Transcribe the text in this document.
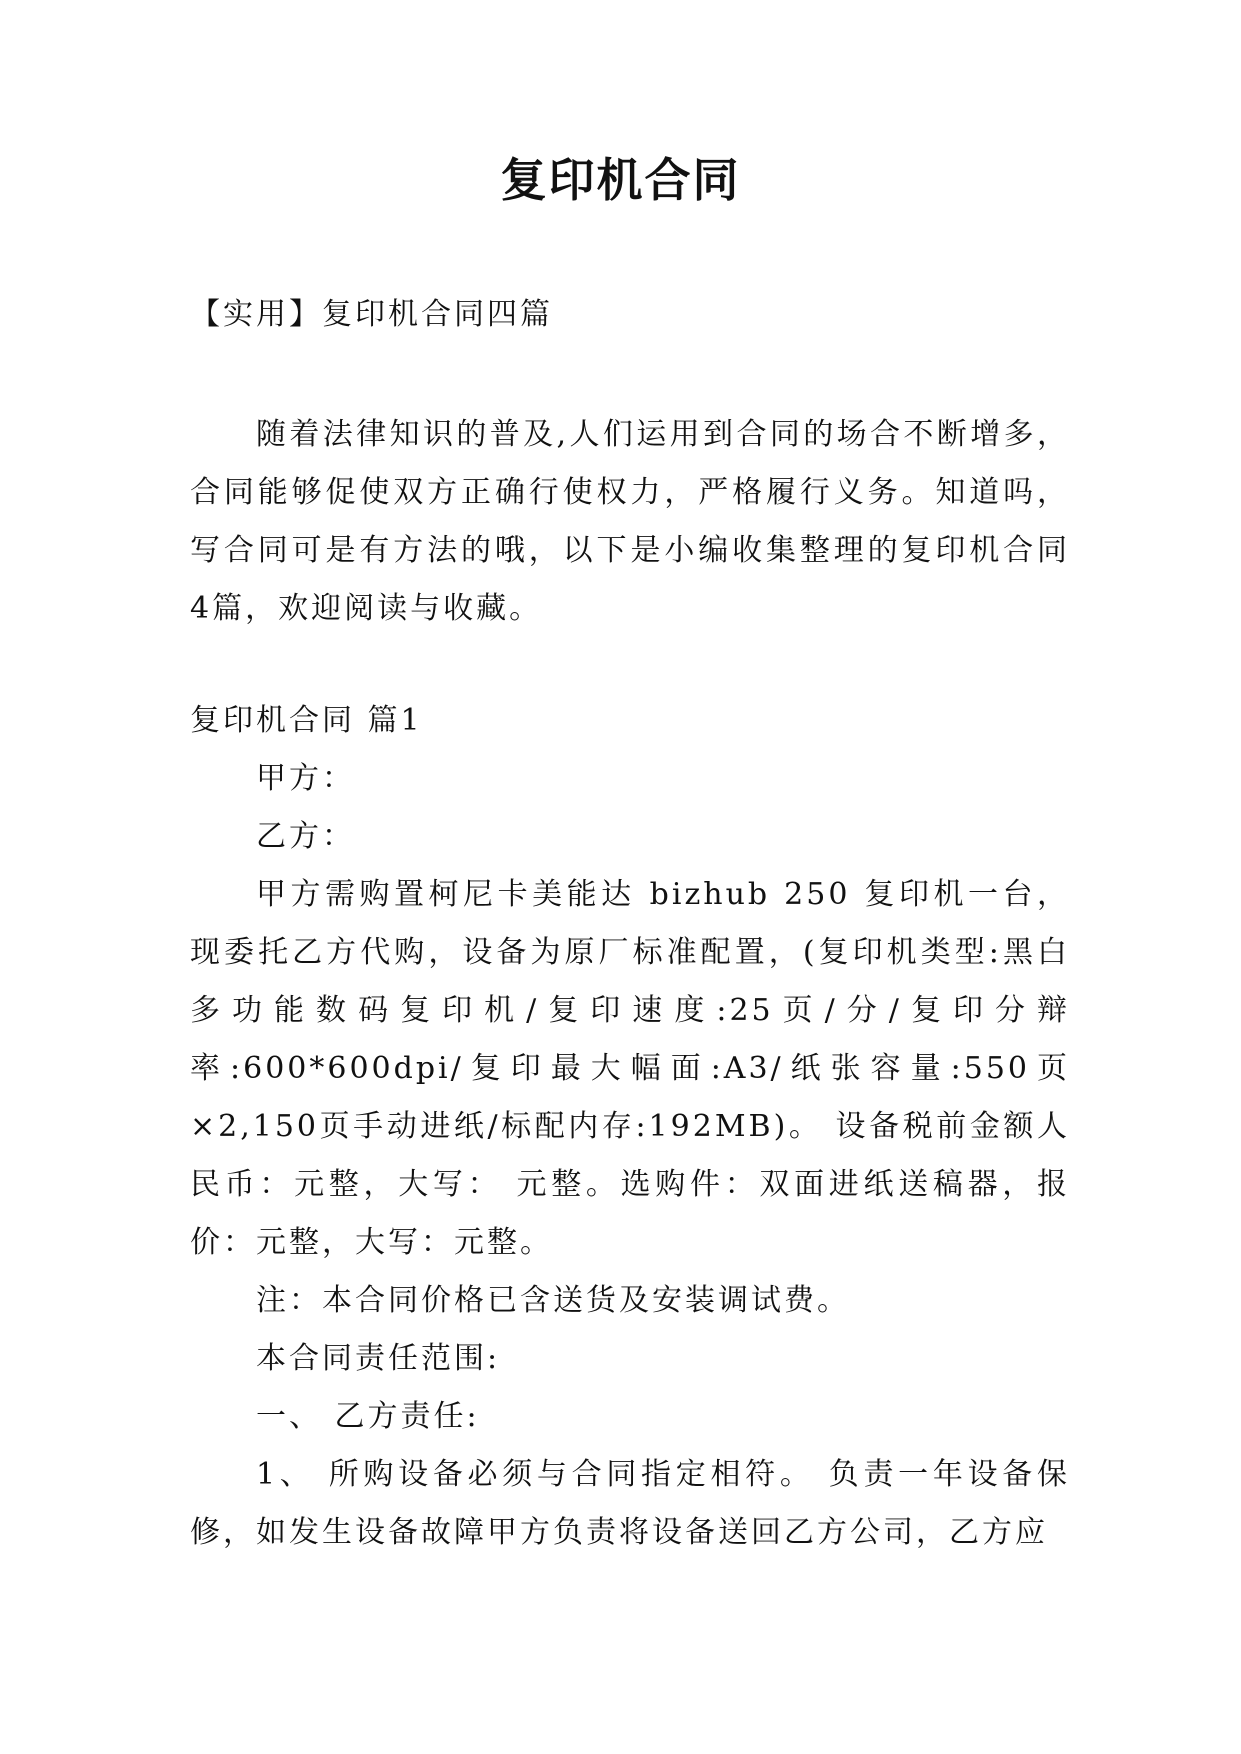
复印机合同
【实用】复印机合同四篇

随着法律知识的普及,人们运用到合同的场合不断增多，合同能够促使双方正确行使权力，严格履行义务。知道吗，写合同可是有方法的哦，以下是小编收集整理的复印机合同4篇，欢迎阅读与收藏。

复印机合同 篇1

甲方：

乙方：

甲方需购置柯尼卡美能达 bizhub 250 复印机一台，现委托乙方代购，设备为原厂标准配置，(复印机类型:黑白多功能数码复印机/复印速度:25页/分/复印分辩率:600*600dpi/复印最大幅面:A3/纸张容量:550页×2,150页手动进纸/标配内存:192MB)。 设备税前金额人民币：元整，大写： 元整。选购件：双面进纸送稿器，报价：元整，大写：元整。

注：本合同价格已含送货及安装调试费。

本合同责任范围:

一、 乙方责任:

1、 所购设备必须与合同指定相符。 负责一年设备保修，如发生设备故障甲方负责将设备送回乙方公司，乙方应
